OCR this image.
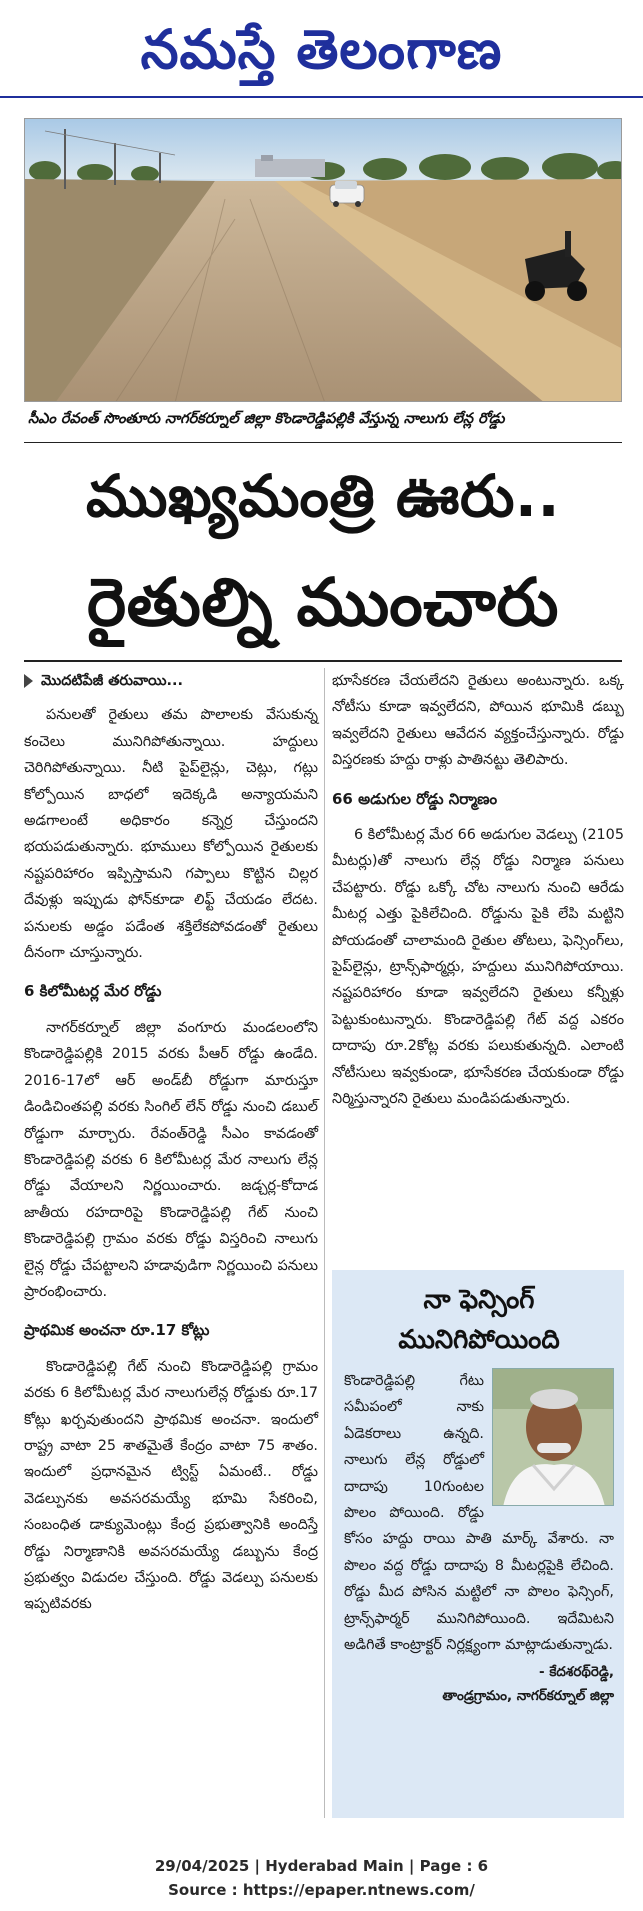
నమస్తే తెలంగాణ
సీఎం రేవంత్ సొంతూరు నాగర్‌కర్నూల్ జిల్లా కొండారెడ్డిపల్లికి వేస్తున్న నాలుగు లేన్ల రోడ్డు
ముఖ్యమంత్రి ఊరు..
రైతుల్ని ముంచారు
మొదటిపేజీ తరువాయి...

పనులతో రైతులు తమ పొలాలకు వేసుకున్న కంచెలు మునిగిపోతున్నాయి. హద్దులు చెరిగిపోతున్నాయి. నీటి పైప్‌లైన్లు, చెట్లు, గట్లు కోల్పోయిన బాధలో ఇదెక్కడి అన్యాయమని అడగాలంటే అధికారం కన్నెర్ర చేస్తుందని భయపడుతున్నారు. భూములు కోల్పోయిన రైతులకు నష్టపరిహారం ఇప్పిస్తామని గప్పాలు కొట్టిన చిల్లర దేవుళ్లు ఇప్పుడు ఫోన్‌కూడా లిఫ్ట్ చేయడం లేదట. పనులకు అడ్డం పడేంత శక్తిలేకపోవడంతో రైతులు దీనంగా చూస్తున్నారు.

6 కిలోమీటర్ల మేర రోడ్డు

నాగర్‌కర్నూల్ జిల్లా వంగూరు మండలంలోని కొండారెడ్డిపల్లికి 2015 వరకు పీఆర్ రోడ్డు ఉండేది. 2016-17లో ఆర్ అండ్‌బీ రోడ్డుగా మారుస్తూ డిండిచింతపల్లి వరకు సింగిల్ లేన్ రోడ్డు నుంచి డబుల్ రోడ్డుగా మార్చారు. రేవంత్‌రెడ్డి సీఎం కావడంతో కొండారెడ్డిపల్లి వరకు 6 కిలోమీటర్ల మేర నాలుగు లేన్ల రోడ్డు వేయాలని నిర్ణయించారు. జడ్చర్ల-కోదాడ జాతీయ రహదారిపై కొండారెడ్డిపల్లి గేట్ నుంచి కొండారెడ్డిపల్లి గ్రామం వరకు రోడ్డు విస్తరించి నాలుగు లైన్ల రోడ్డు చేపట్టాలని హడావుడిగా నిర్ణయించి పనులు ప్రారంభించారు.

ప్రాథమిక అంచనా రూ.17 కోట్లు

కొండారెడ్డిపల్లి గేట్ నుంచి కొండారెడ్డిపల్లి గ్రామం వరకు 6 కిలోమీటర్ల మేర నాలుగులేన్ల రోడ్డుకు రూ.17 కోట్లు ఖర్చవుతుందని ప్రాథమిక అంచనా. ఇందులో రాష్ట్ర వాటా 25 శాతమైతే కేంద్రం వాటా 75 శాతం. ఇందులో ప్రధానమైన ట్విస్ట్ ఏమంటే.. రోడ్డు వెడల్పునకు అవసరమయ్యే భూమి సేకరించి, సంబంధిత డాక్యుమెంట్లు కేంద్ర ప్రభుత్వానికి అందిస్తే రోడ్డు నిర్మాణానికి అవసరమయ్యే డబ్బును కేంద్ర ప్రభుత్వం విడుదల చేస్తుంది. రోడ్డు వెడల్పు పనులకు ఇప్పటివరకు

భూసేకరణ చేయలేదని రైతులు అంటున్నారు. ఒక్క నోటీసు కూడా ఇవ్వలేదని, పోయిన భూమికి డబ్బు ఇవ్వలేదని రైతులు ఆవేదన వ్యక్తంచేస్తున్నారు. రోడ్డు విస్తరణకు హద్దు రాళ్లు పాతినట్టు తెలిపారు.

66 అడుగుల రోడ్డు నిర్మాణం

6 కిలోమీటర్ల మేర 66 అడుగుల వెడల్పు (2105 మీటర్లు)తో నాలుగు లేన్ల రోడ్డు నిర్మాణ పనులు చేపట్టారు. రోడ్డు ఒక్కో చోట నాలుగు నుంచి ఆరేడు మీటర్ల ఎత్తు పైకిలేచింది. రోడ్డును పైకి లేపి మట్టిని పోయడంతో చాలామంది రైతుల తోటలు, ఫెన్సింగ్‌లు, పైప్‌లైన్లు, ట్రాన్స్‌ఫార్మర్లు, హద్దులు మునిగిపోయాయి. నష్టపరిహారం కూడా ఇవ్వలేదని రైతులు కన్నీళ్లు పెట్టుకుంటున్నారు. కొండారెడ్డిపల్లి గేట్ వద్ద ఎకరం దాదాపు రూ.2కోట్ల వరకు పలుకుతున్నది. ఎలాంటి నోటీసులు ఇవ్వకుండా, భూసేకరణ చేయకుండా రోడ్డు నిర్మిస్తున్నారని రైతులు మండిపడుతున్నారు.

నా ఫెన్సింగ్
మునిగిపోయింది
కొండారెడ్డిపల్లి గేటు సమీపంలో నాకు ఏడెకరాలు ఉన్నది. నాలుగు లేన్ల రోడ్డులో దాదాపు 10గుంటల పొలం పోయింది. రోడ్డు కోసం హద్దు రాయి పాతి మార్క్ వేశారు. నా పొలం వద్ద రోడ్డు దాదాపు 8 మీటర్లపైకి లేచింది. రోడ్డు మీద పోసిన మట్టిలో నా పొలం ఫెన్సింగ్, ట్రాన్స్‌ఫార్మర్ మునిగిపోయింది. ఇదేమిటని అడిగితే కాంట్రాక్టర్ నిర్లక్ష్యంగా మాట్లాడుతున్నాడు.
- కేదశరథ్‌రెడ్డి,
తాండ్రగ్రామం, నాగర్‌కర్నూల్ జిల్లా
29/04/2025 | Hyderabad Main | Page : 6
Source : https://epaper.ntnews.com/
